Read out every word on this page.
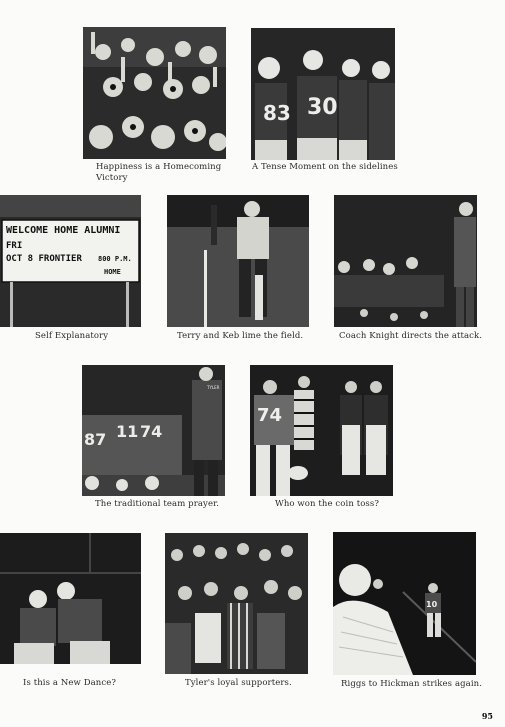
Happiness is a Homecoming Victory
83 30
A Tense Moment on the sidelines
WELCOME HOME ALUMNI
FRI
OCT 8 FRONTIER 800 P.M.
HOME
Self Explanatory	Terry and Keb lime the field.	Coach Knight directs the attack.
87 11 74
TYLER
The traditional team prayer.
74
Who won the coin toss?
Is this a New Dance?	Tyler's loyal supporters.
10
Riggs to Hickman strikes again.
95
